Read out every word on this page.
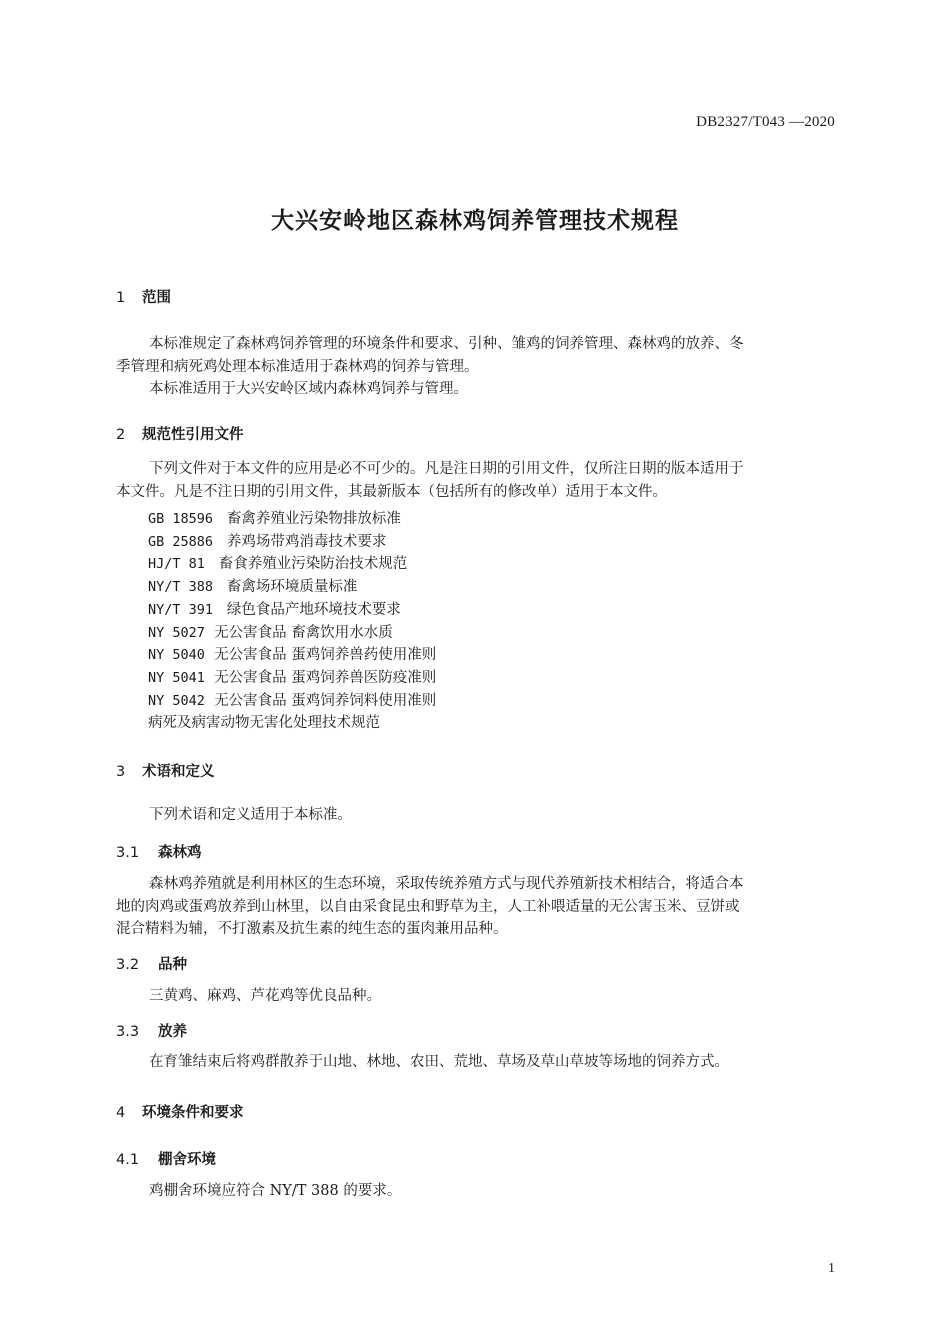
DB2327/T043 —2020
大兴安岭地区森林鸡饲养管理技术规程
1 范围
本标准规定了森林鸡饲养管理的环境条件和要求、引种、雏鸡的饲养管理、森林鸡的放养、冬
季管理和病死鸡处理本标准适用于森林鸡的饲养与管理。
本标准适用于大兴安岭区域内森林鸡饲养与管理。
2 规范性引用文件
下列文件对于本文件的应用是必不可少的。凡是注日期的引用文件，仅所注日期的版本适用于
本文件。凡是不注日期的引用文件，其最新版本（包括所有的修改单）适用于本文件。
GB 18596 畜禽养殖业污染物排放标准
GB 25886 养鸡场带鸡消毒技术要求
HJ/T 81 畜食养殖业污染防治技术规范
NY/T 388 畜禽场环境质量标准
NY/T 391 绿色食品产地环境技术要求
NY 5027 无公害食品 畜禽饮用水水质
NY 5040 无公害食品 蛋鸡饲养兽药使用准则
NY 5041 无公害食品 蛋鸡饲养兽医防疫准则
NY 5042 无公害食品 蛋鸡饲养饲料使用准则
病死及病害动物无害化处理技术规范
3 术语和定义
下列术语和定义适用于本标准。
3.1 森林鸡
森林鸡养殖就是利用林区的生态环境，采取传统养殖方式与现代养殖新技术相结合，将适合本
地的肉鸡或蛋鸡放养到山林里，以自由采食昆虫和野草为主，人工补喂适量的无公害玉米、豆饼或
混合精料为辅，不打激素及抗生素的纯生态的蛋肉兼用品种。
3.2 品种
三黄鸡、麻鸡、芦花鸡等优良品种。
3.3 放养
在育雏结束后将鸡群散养于山地、林地、农田、荒地、草场及草山草坡等场地的饲养方式。
4 环境条件和要求
4.1 棚舍环境
鸡棚舍环境应符合 NY/T 388 的要求。
1
